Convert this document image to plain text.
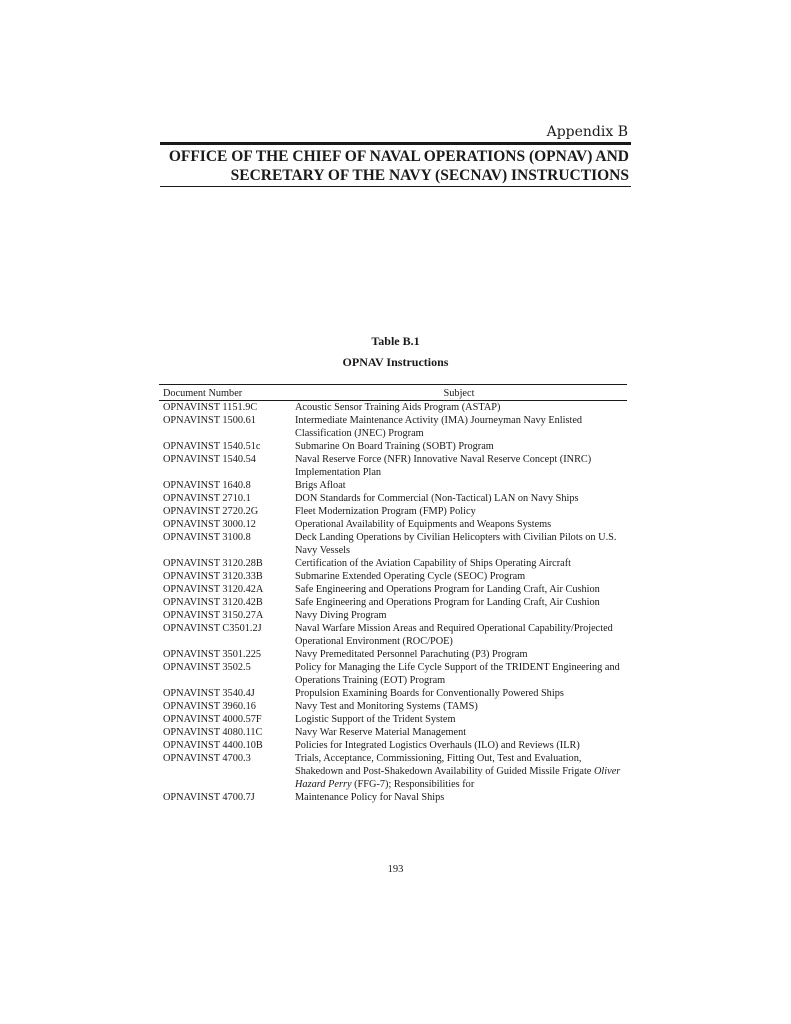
Appendix B
OFFICE OF THE CHIEF OF NAVAL OPERATIONS (OPNAV) AND
SECRETARY OF THE NAVY (SECNAV) INSTRUCTIONS
Table B.1
OPNAV Instructions
Document Number	Subject
OPNAVINST 1151.9C	Acoustic Sensor Training Aids Program (ASTAP)
OPNAVINST 1500.61	Intermediate Maintenance Activity (IMA) Journeyman Navy Enlisted Classification (JNEC) Program
OPNAVINST 1540.51c	Submarine On Board Training (SOBT) Program
OPNAVINST 1540.54	Naval Reserve Force (NFR) Innovative Naval Reserve Concept (INRC) Implementation Plan
OPNAVINST 1640.8	Brigs Afloat
OPNAVINST 2710.1	DON Standards for Commercial (Non-Tactical) LAN on Navy Ships
OPNAVINST 2720.2G	Fleet Modernization Program (FMP) Policy
OPNAVINST 3000.12	Operational Availability of Equipments and Weapons Systems
OPNAVINST 3100.8	Deck Landing Operations by Civilian Helicopters with Civilian Pilots on U.S. Navy Vessels
OPNAVINST 3120.28B	Certification of the Aviation Capability of Ships Operating Aircraft
OPNAVINST 3120.33B	Submarine Extended Operating Cycle (SEOC) Program
OPNAVINST 3120.42A	Safe Engineering and Operations Program for Landing Craft, Air Cushion
OPNAVINST 3120.42B	Safe Engineering and Operations Program for Landing Craft, Air Cushion
OPNAVINST 3150.27A	Navy Diving Program
OPNAVINST C3501.2J	Naval Warfare Mission Areas and Required Operational Capability/Projected Operational Environment (ROC/POE)
OPNAVINST 3501.225	Navy Premeditated Personnel Parachuting (P3) Program
OPNAVINST 3502.5	Policy for Managing the Life Cycle Support of the TRIDENT Engineering and Operations Training (EOT) Program
OPNAVINST 3540.4J	Propulsion Examining Boards for Conventionally Powered Ships
OPNAVINST 3960.16	Navy Test and Monitoring Systems (TAMS)
OPNAVINST 4000.57F	Logistic Support of the Trident System
OPNAVINST 4080.11C	Navy War Reserve Material Management
OPNAVINST 4400.10B	Policies for Integrated Logistics Overhauls (ILO) and Reviews (ILR)
OPNAVINST 4700.3	Trials, Acceptance, Commissioning, Fitting Out, Test and Evaluation, Shakedown and Post-Shakedown Availability of Guided Missile Frigate Oliver Hazard Perry (FFG-7); Responsibilities for
OPNAVINST 4700.7J	Maintenance Policy for Naval Ships
193
